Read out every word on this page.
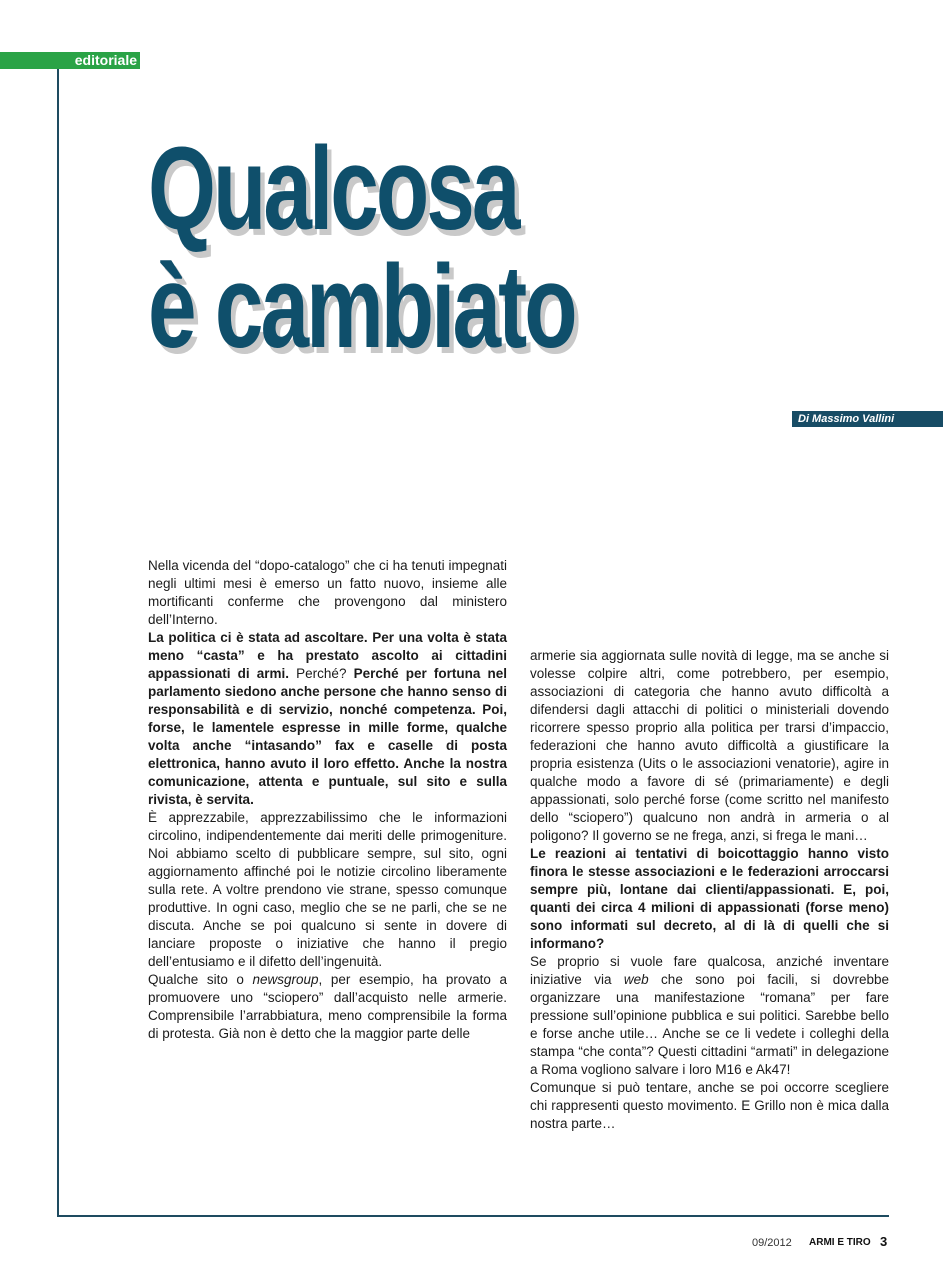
editoriale
Qualcosa
è cambiato
Di Massimo Vallini

Nella vicenda del “dopo-catalogo” che ci ha tenuti impegnati negli ultimi mesi è emerso un fatto nuovo, insieme alle mortificanti conferme che provengono dal ministero dell’Interno.

La politica ci è stata ad ascoltare. Per una volta è stata meno “casta” e ha prestato ascolto ai cittadini appassionati di armi. Perché? Perché per fortuna nel parlamento siedono anche persone che hanno senso di responsabilità e di servizio, nonché competenza. Poi, forse, le lamentele espresse in mille forme, qualche volta anche “intasando” fax e caselle di posta elettronica, hanno avuto il loro effetto. Anche la nostra comunicazione, attenta e puntuale, sul sito e sulla rivista, è servita.

È apprezzabile, apprezzabilissimo che le informazioni circolino, indipendentemente dai meriti delle primogeniture. Noi abbiamo scelto di pubblicare sempre, sul sito, ogni aggiornamento affinché poi le notizie circolino liberamente sulla rete. A voltre prendono vie strane, spesso comunque produttive. In ogni caso, meglio che se ne parli, che se ne discuta. Anche se poi qualcuno si sente in dovere di lanciare proposte o iniziative che hanno il pregio dell’entusiamo e il difetto dell’ingenuità.

Qualche sito o newsgroup, per esempio, ha provato a promuovere uno “sciopero” dall’acquisto nelle armerie. Comprensibile l’arrabbiatura, meno comprensibile la forma di protesta. Già non è detto che la maggior parte delle

armerie sia aggiornata sulle novità di legge, ma se anche si volesse colpire altri, come potrebbero, per esempio, associazioni di categoria che hanno avuto difficoltà a difendersi dagli attacchi di politici o ministeriali dovendo ricorrere spesso proprio alla politica per trarsi d’impaccio, federazioni che hanno avuto difficoltà a giustificare la propria esistenza (Uits o le associazioni venatorie), agire in qualche modo a favore di sé (primariamente) e degli appassionati, solo perché forse (come scritto nel manifesto dello “sciopero”) qualcuno non andrà in armeria o al poligono? Il governo se ne frega, anzi, si frega le mani…

Le reazioni ai tentativi di boicottaggio hanno visto finora le stesse associazioni e le federazioni arroccarsi sempre più, lontane dai clienti/appassionati. E, poi, quanti dei circa 4 milioni di appassionati (forse meno) sono informati sul decreto, al di là di quelli che si informano?

Se proprio si vuole fare qualcosa, anziché inventare iniziative via web che sono poi facili, si dovrebbe organizzare una manifestazione “romana” per fare pressione sull’opinione pubblica e sui politici. Sarebbe bello e forse anche utile… Anche se ce li vedete i colleghi della stampa “che conta”? Questi cittadini “armati” in delegazione a Roma vogliono salvare i loro M16 e Ak47!

Comunque si può tentare, anche se poi occorre scegliere chi rappresenti questo movimento. E Grillo non è mica dalla nostra parte…

09/2012 ARMI E TIRO 3
